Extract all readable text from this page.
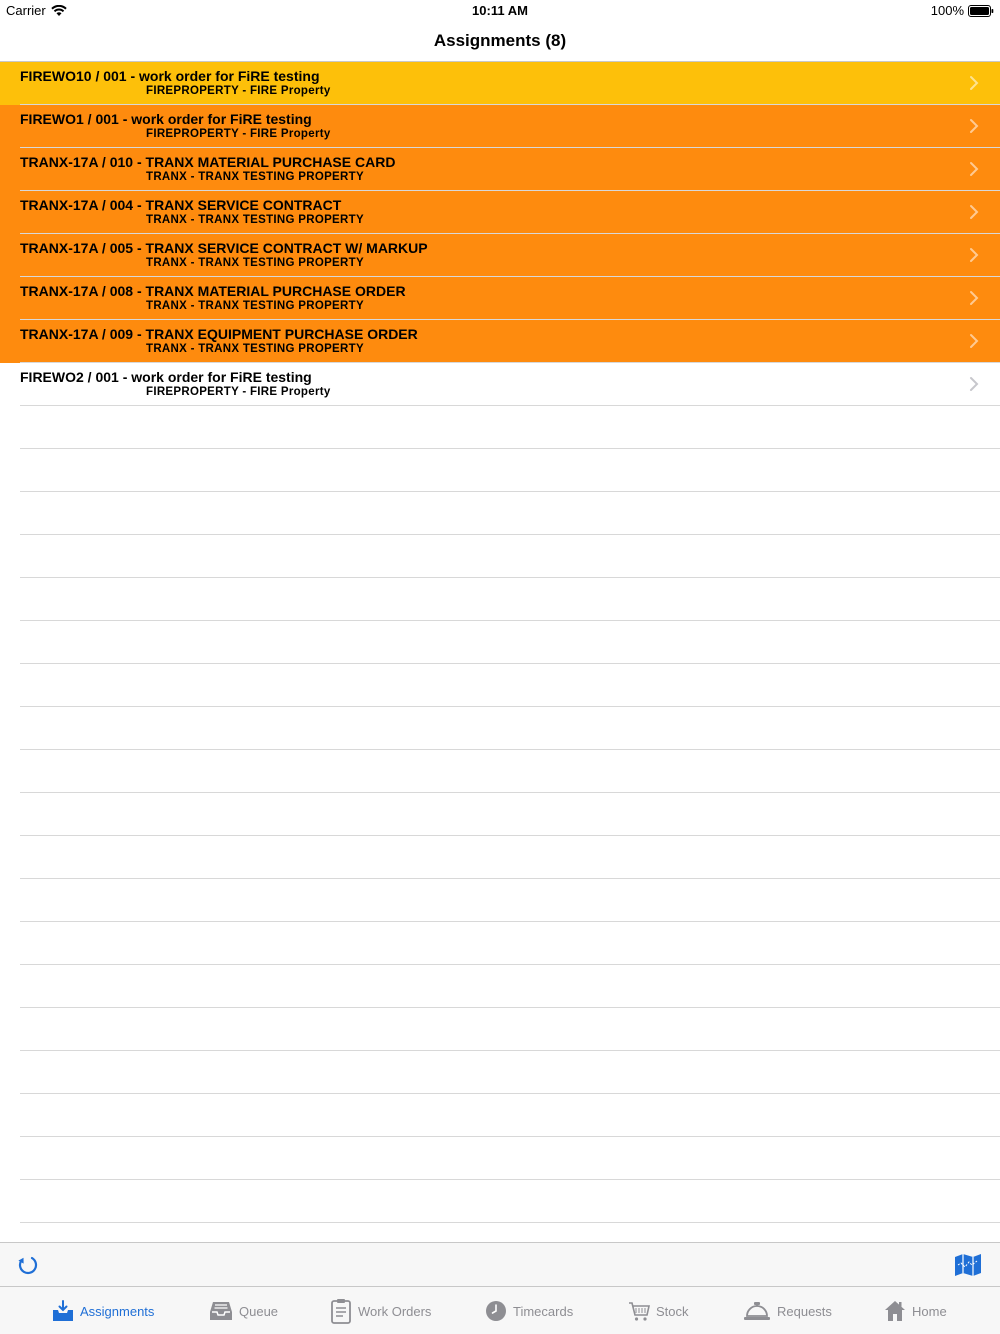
Carrier	10:11 AM	100%
Assignments (8)
FIREWO10 / 001 - work order for FiRE testing
FIREPROPERTY - FIRE Property
FIREWO1 / 001 - work order for FiRE testing
FIREPROPERTY - FIRE Property
TRANX-17A / 010 - TRANX MATERIAL PURCHASE CARD
TRANX - TRANX TESTING PROPERTY
TRANX-17A / 004 - TRANX SERVICE CONTRACT
TRANX - TRANX TESTING PROPERTY
TRANX-17A / 005 - TRANX SERVICE CONTRACT W/ MARKUP
TRANX - TRANX TESTING PROPERTY
TRANX-17A / 008 - TRANX MATERIAL PURCHASE ORDER
TRANX - TRANX TESTING PROPERTY
TRANX-17A / 009 - TRANX EQUIPMENT PURCHASE ORDER
TRANX - TRANX TESTING PROPERTY
FIREWO2 / 001 - work order for FiRE testing
FIREPROPERTY - FIRE Property
Assignments	Queue	Work Orders	Timecards	Stock	Requests	Home
